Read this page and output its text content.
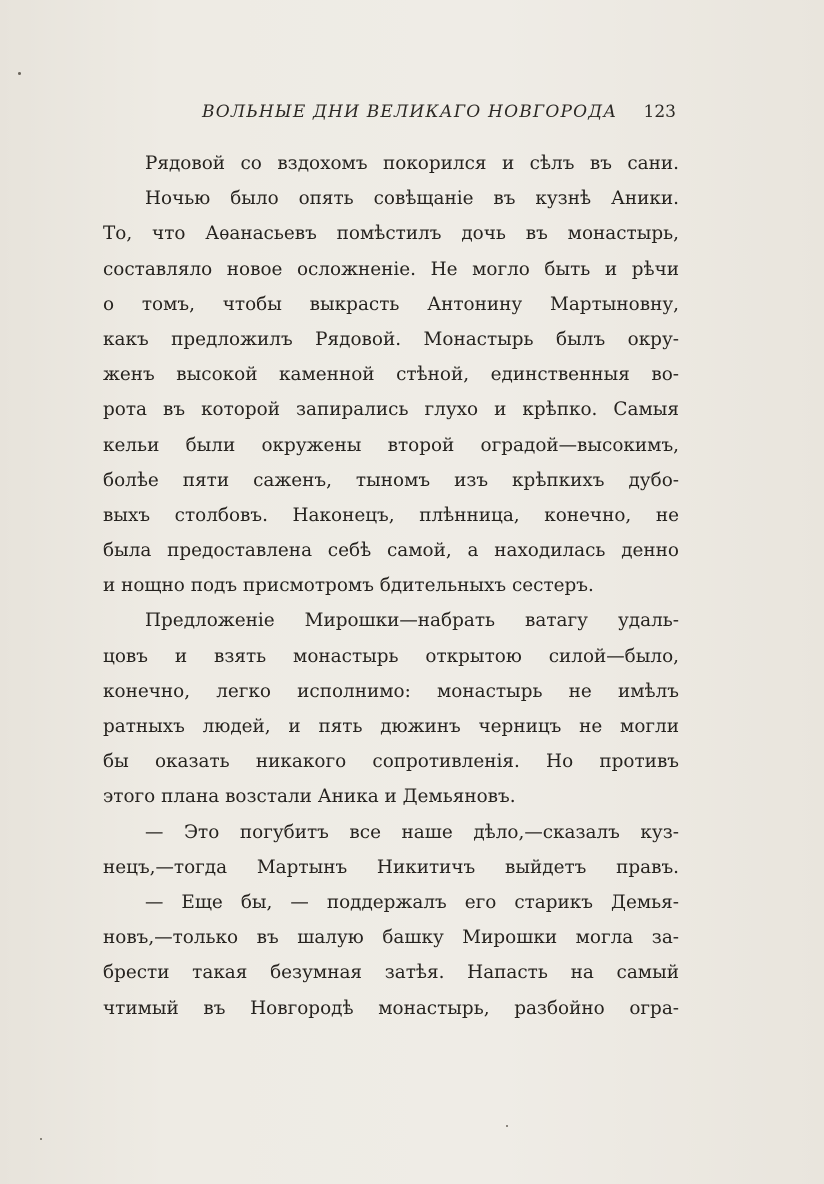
ВОЛЬНЫЕ ДНИ ВЕЛИКАГО НОВГОРОДА 123
Рядовой со вздохомъ покорился и сѣлъ въ сани.
Ночью было опять совѣщаніе въ кузнѣ Аники.
То, что Аѳанасьевъ помѣстилъ дочь въ монастырь,
составляло новое осложненіе. Не могло быть и рѣчи
о томъ, чтобы выкрасть Антонину Мартыновну,
какъ предложилъ Рядовой. Монастырь былъ окру-
женъ высокой каменной стѣной, единственныя во-
рота въ которой запирались глухо и крѣпко. Самыя
кельи были окружены второй оградой—высокимъ,
болѣе пяти саженъ, тыномъ изъ крѣпкихъ дубо-
выхъ столбовъ. Наконецъ, плѣнница, конечно, не
была предоставлена себѣ самой, а находилась денно
и нощно подъ присмотромъ бдительныхъ сестеръ.
Предложеніе Мирошки—набрать ватагу удаль-
цовъ и взять монастырь открытою силой—было,
конечно, легко исполнимо: монастырь не имѣлъ
ратныхъ людей, и пять дюжинъ черницъ не могли
бы оказать никакого сопротивленія. Но противъ
этого плана возстали Аника и Демьяновъ.
— Это погубитъ все наше дѣло,—сказалъ куз-
нецъ,—тогда Мартынъ Никитичъ выйдетъ правъ.
— Еще бы, — поддержалъ его старикъ Демья-
новъ,—только въ шалую башку Мирошки могла за-
брести такая безумная затѣя. Напасть на самый
чтимый въ Новгородѣ монастырь, разбойно огра-
